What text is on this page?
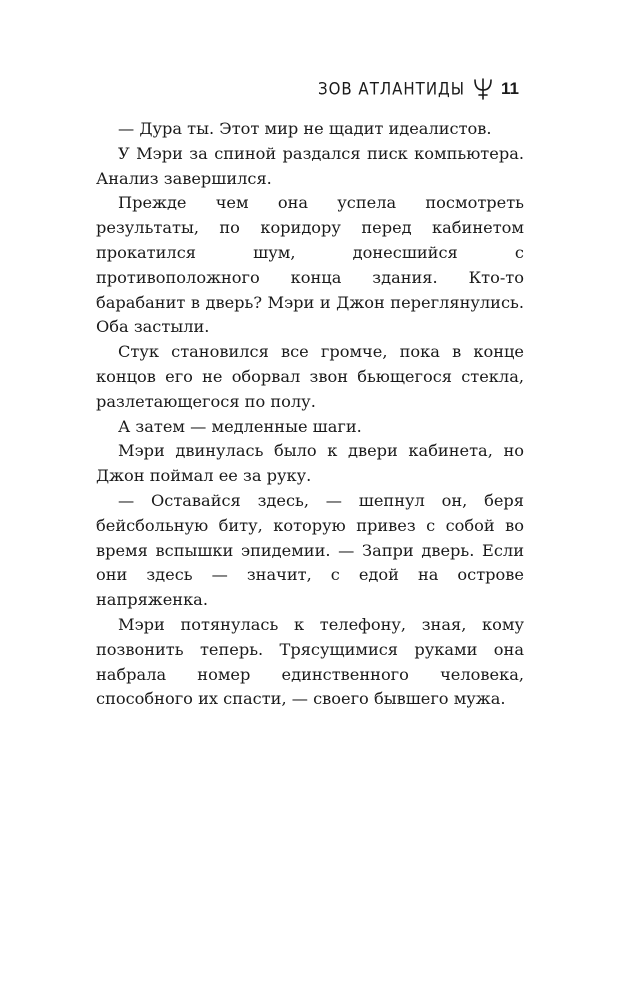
ЗОВ АТЛАНТИДЫ 11

— Дура ты. Этот мир не щадит идеалистов.

У Мэри за спиной раздался писк компьютера. Анализ завершился.

Прежде чем она успела посмотреть результаты, по коридору перед кабинетом прокатился шум, донесшийся с противоположного конца здания. Кто-то барабанит в дверь? Мэри и Джон переглянулись. Оба застыли.

Стук становился все громче, пока в конце концов его не оборвал звон бьющегося стекла, разлетающегося по полу.

А затем — медленные шаги.

Мэри двинулась было к двери кабинета, но Джон поймал ее за руку.

— Оставайся здесь, — шепнул он, беря бейсбольную биту, которую привез с собой во время вспышки эпидемии. — Запри дверь. Если они здесь — значит, с едой на острове напряженка.

Мэри потянулась к телефону, зная, кому позвонить теперь. Трясущимися руками она набрала номер единственного человека, способного их спасти, — своего бывшего мужа.
